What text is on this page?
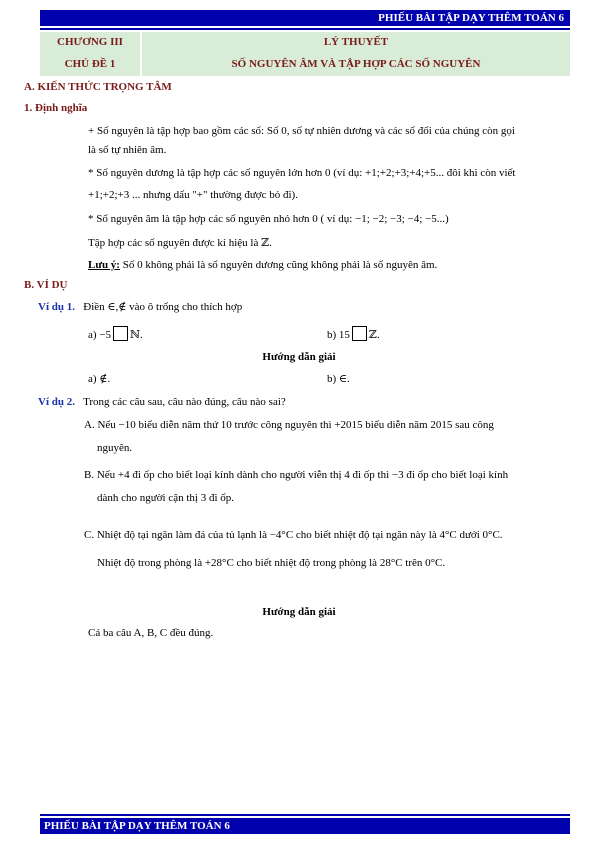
PHIẾU BÀI TẬP DẠY THÊM TOÁN 6
CHƯƠNG III
CHỦ ĐỀ 1
LÝ THUYẾT
SỐ NGUYÊN ÂM VÀ TẬP HỢP CÁC SỐ NGUYÊN
A. KIẾN THỨC TRỌNG TÂM
1. Định nghĩa
+ Số nguyên là tập hợp bao gồm các số: Số 0, số tự nhiên dương và các số đối của chúng còn gọi
là số tự nhiên âm.
* Số nguyên dương là tập hợp các số nguyên lớn hơn 0 (ví dụ: +1;+2;+3;+4;+5... đôi khi còn viết
+1;+2;+3 ... nhưng dấu "+" thường được bỏ đi).
* Số nguyên âm là tập hợp các số nguyên nhỏ hơn 0 ( ví dụ: −1; −2; −3; −4; −5...)
Tập hợp các số nguyên được kí hiệu là ℤ.
Lưu ý: Số 0 không phải là số nguyên dương cũng không phải là số nguyên âm.
B. VÍ DỤ
Ví dụ 1. Điền ∈,∉ vào ô trống cho thích hợp
a) −5 ℕ.	b) 15 ℤ.
Hướng dẫn giải
a) ∉.	b) ∈.
Ví dụ 2. Trong các câu sau, câu nào đúng, câu nào sai?
A. Nếu −10 biểu diễn năm thứ 10 trước công nguyên thì +2015 biểu diễn năm 2015 sau công
nguyên.
B. Nếu +4 đi ốp cho biết loại kính dành cho người viễn thị 4 đi ốp thì −3 đi ốp cho biết loại kính
dành cho người cận thị 3 đi ốp.
C. Nhiệt độ tại ngăn làm đá của tủ lạnh là −4°C cho biết nhiệt độ tại ngăn này là 4°C dưới 0°C.
Nhiệt độ trong phòng là +28°C cho biết nhiệt độ trong phòng là 28°C trên 0°C.
Hướng dẫn giải
Cả ba câu A, B, C đều đúng.
PHIẾU BÀI TẬP DẠY THÊM TOÁN 6
